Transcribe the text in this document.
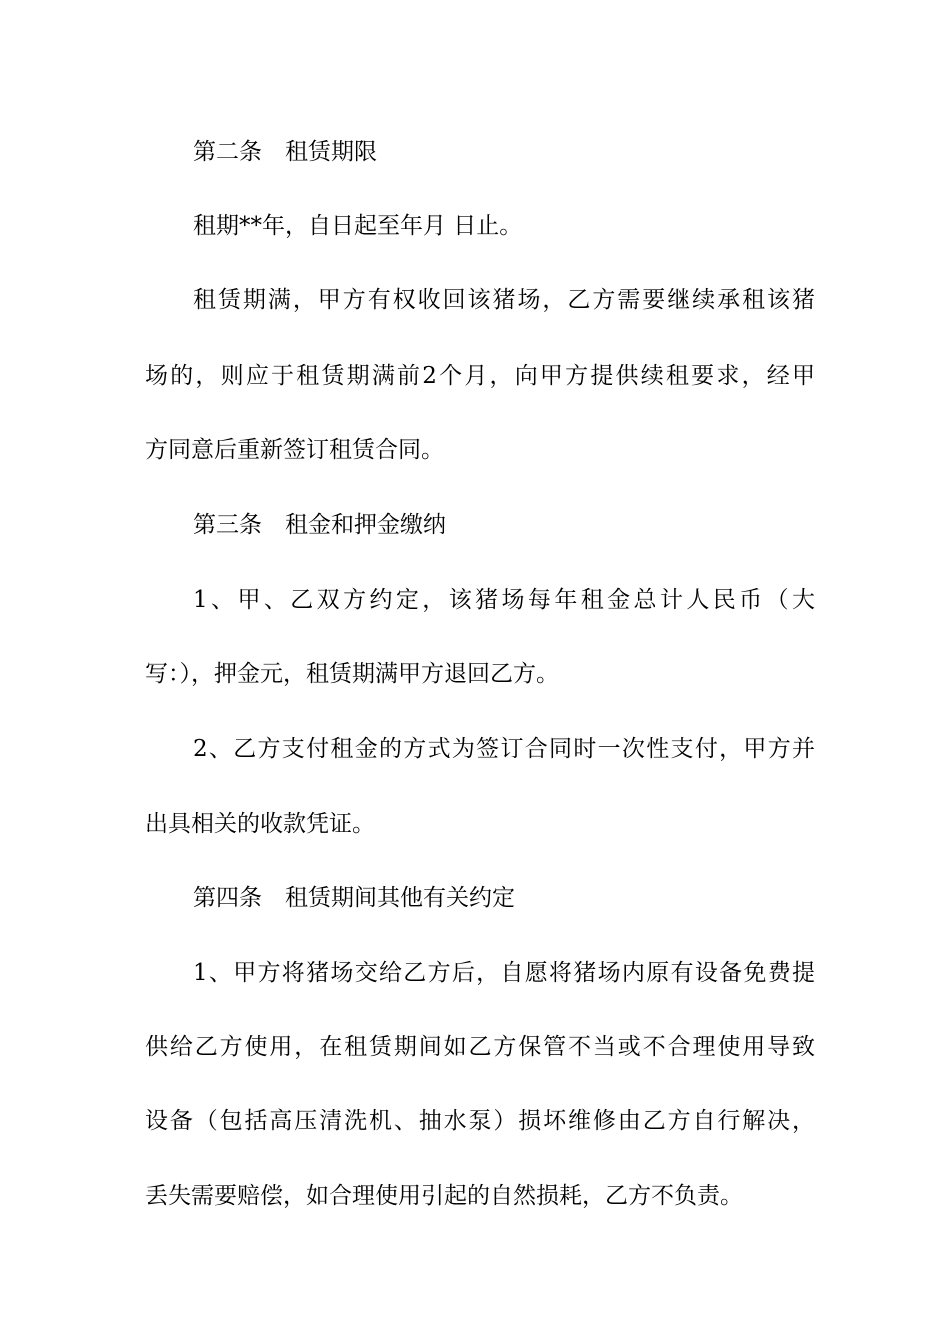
第二条　租赁期限
租期**年，自日起至年月 日止。
租赁期满，甲方有权收回该猪场，乙方需要继续承租该猪
场的，则应于租赁期满前2个月，向甲方提供续租要求，经甲
方同意后重新签订租赁合同。
第三条　租金和押金缴纳
1、甲、乙双方约定，该猪场每年租金总计人民币（大
写：），押金元，租赁期满甲方退回乙方。
2、乙方支付租金的方式为签订合同时一次性支付，甲方并
出具相关的收款凭证。
第四条　租赁期间其他有关约定
1、甲方将猪场交给乙方后，自愿将猪场内原有设备免费提
供给乙方使用，在租赁期间如乙方保管不当或不合理使用导致
设备（包括高压清洗机、抽水泵）损坏维修由乙方自行解决，
丢失需要赔偿，如合理使用引起的自然损耗，乙方不负责。
